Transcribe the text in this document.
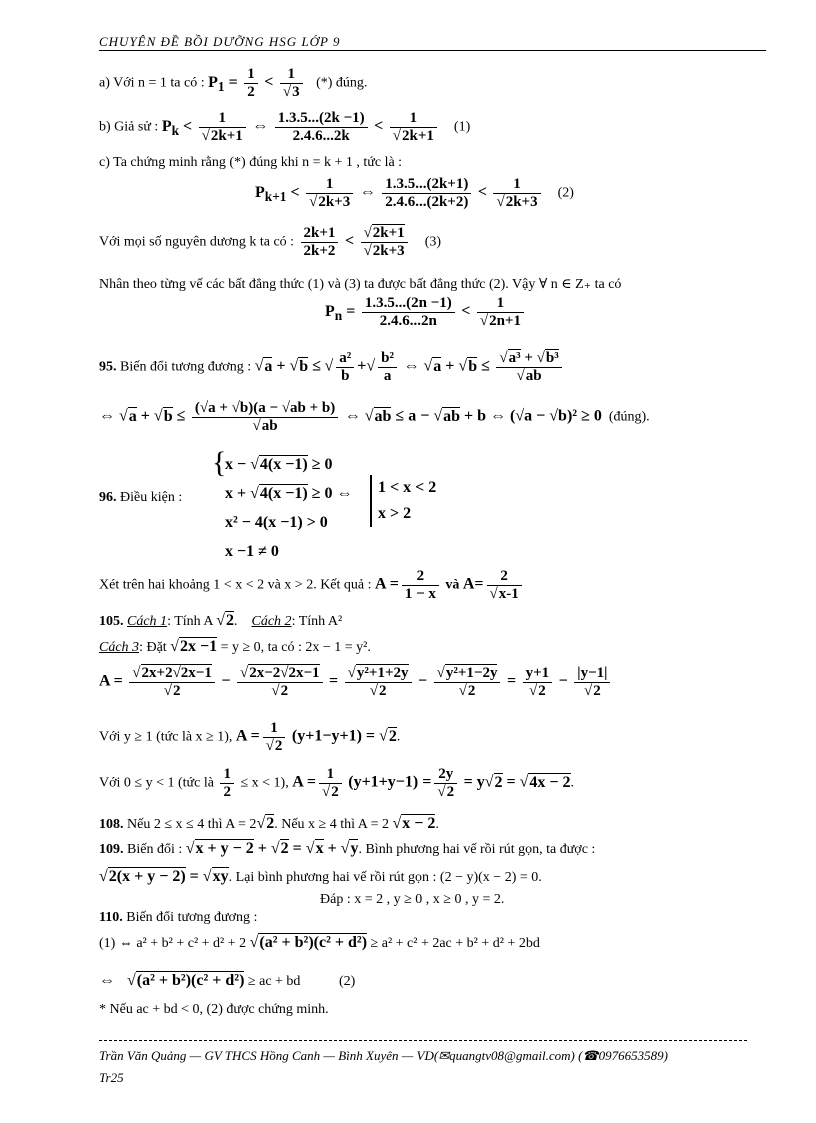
CHUYÊN ĐỀ BỒI DƯỠNG HSG LỚP 9
a) Với n = 1 ta có : $P_1 = \frac{1}{2} < \frac{1}{√3}$ (*) đúng.
b) Giả sử : $P_k < \frac{1}{√2k+1}$ ⇔ $\frac{1.3.5...(2k -1)}{2.4.6...2k} < \frac{1}{√2k+1} (1)$
c) Ta chứng minh rằng (*) đúng khi n = k + 1 , tức là :
$P_{k+1} < \frac{1}{√2k+3}$ ⇔ $\frac{1.3.5...(2k+1)}{2.4.6...(2k+2)} < \frac{1}{√2k+3} (2)$
Với mọi số nguyên dương k ta có : $\frac{2k+1}{2k+2} < \frac{√2k+1}{√2k+3} (3)$
Nhân theo từng vế các bất đẳng thức (1) và (3) ta được bất đẳng thức (2). Vậy ∀ n ∈ Z₊ ta có
$P_n = \frac{1.3.5...(2n -1)}{2.4.6...2n} < \frac{1}{√2n+1}$
95. Biến đổi tương đương : √a + √b ≤ √ $\frac{\text{a²}}{b}$ +√ $\frac{\text{b²}}{a}$ ⇔ $√a + √b \le \frac{\text{√a³ + √b³}}{√ab}$
⇔ $√a + √b \le \frac{(√a + √b)(a - √ab + b)}{√ab}$ ⇔ √ab ≤ a − √ab + b ⇔ (√a − √b)² ≥ 0 (đúng).
96. Điều kiện :
{
x − √4(x −1) ≥ 0
x + √4(x −1) ≥ 0 ⇔
x² − 4(x −1) > 0
x −1 ≠ 0
1 < x < 2
x > 2
Xét trên hai khoảng 1 < x < 2 và x > 2. Kết quả : $A = \frac{2}{1 - x}$ và $A= \frac{2}{√x-1}$
105. Cách 1: Tính A √2.    Cách 2: Tính A²
Cách 3: Đặt √2x −1 = y ≥ 0, ta có : 2x − 1 = y².
$A = \frac{√2x+2√2x-1}{√2} - \frac{√2x-2√2x-1}{√2} = \frac{\text{√y²+1+2y}}{√2} - \frac{\text{√y²+1−2y}}{√2} = \frac{y+1}{√2} - \frac{|y-1|}{√2}$
Với y ≥ 1 (tức là x ≥ 1), $A = \frac{1}{√2} (y+1-y+1) = √2$.
Với 0 ≤ y < 1 (tức là $\frac{1}{2} \le x < 1$), $A = \frac{1}{√2} (y+1+y-1) = \frac{2y}{√2} = y√2 = √4x - 2$.
108. Nếu 2 ≤ x ≤ 4 thì A = 2√2. Nếu x ≥ 4 thì A = 2 √x − 2.
109. Biến đổi : √x + y − 2 + √2 = √x + √y. Bình phương hai vế rồi rút gọn, ta được :
√2(x + y − 2) = √xy. Lại bình phương hai vế rồi rút gọn : (2 − y)(x − 2) = 0.
Đáp : x = 2 , y ≥ 0 , x ≥ 0 , y = 2.
110. Biến đổi tương đương :
(1) ⇔ a² + b² + c² + d² + 2 √(a² + b²)(c² + d²) ≥ a² + c² + 2ac + b² + d² + 2bd
⇔   √(a² + b²)(c² + d²) ≥ ac + bd	(2)
* Nếu ac + bd < 0, (2) được chứng minh.
Trần Văn Quảng — GV THCS Hồng Canh — Bình Xuyên — VD(✉quangtv08@gmail.com) (☎0976653589)
Tr25
